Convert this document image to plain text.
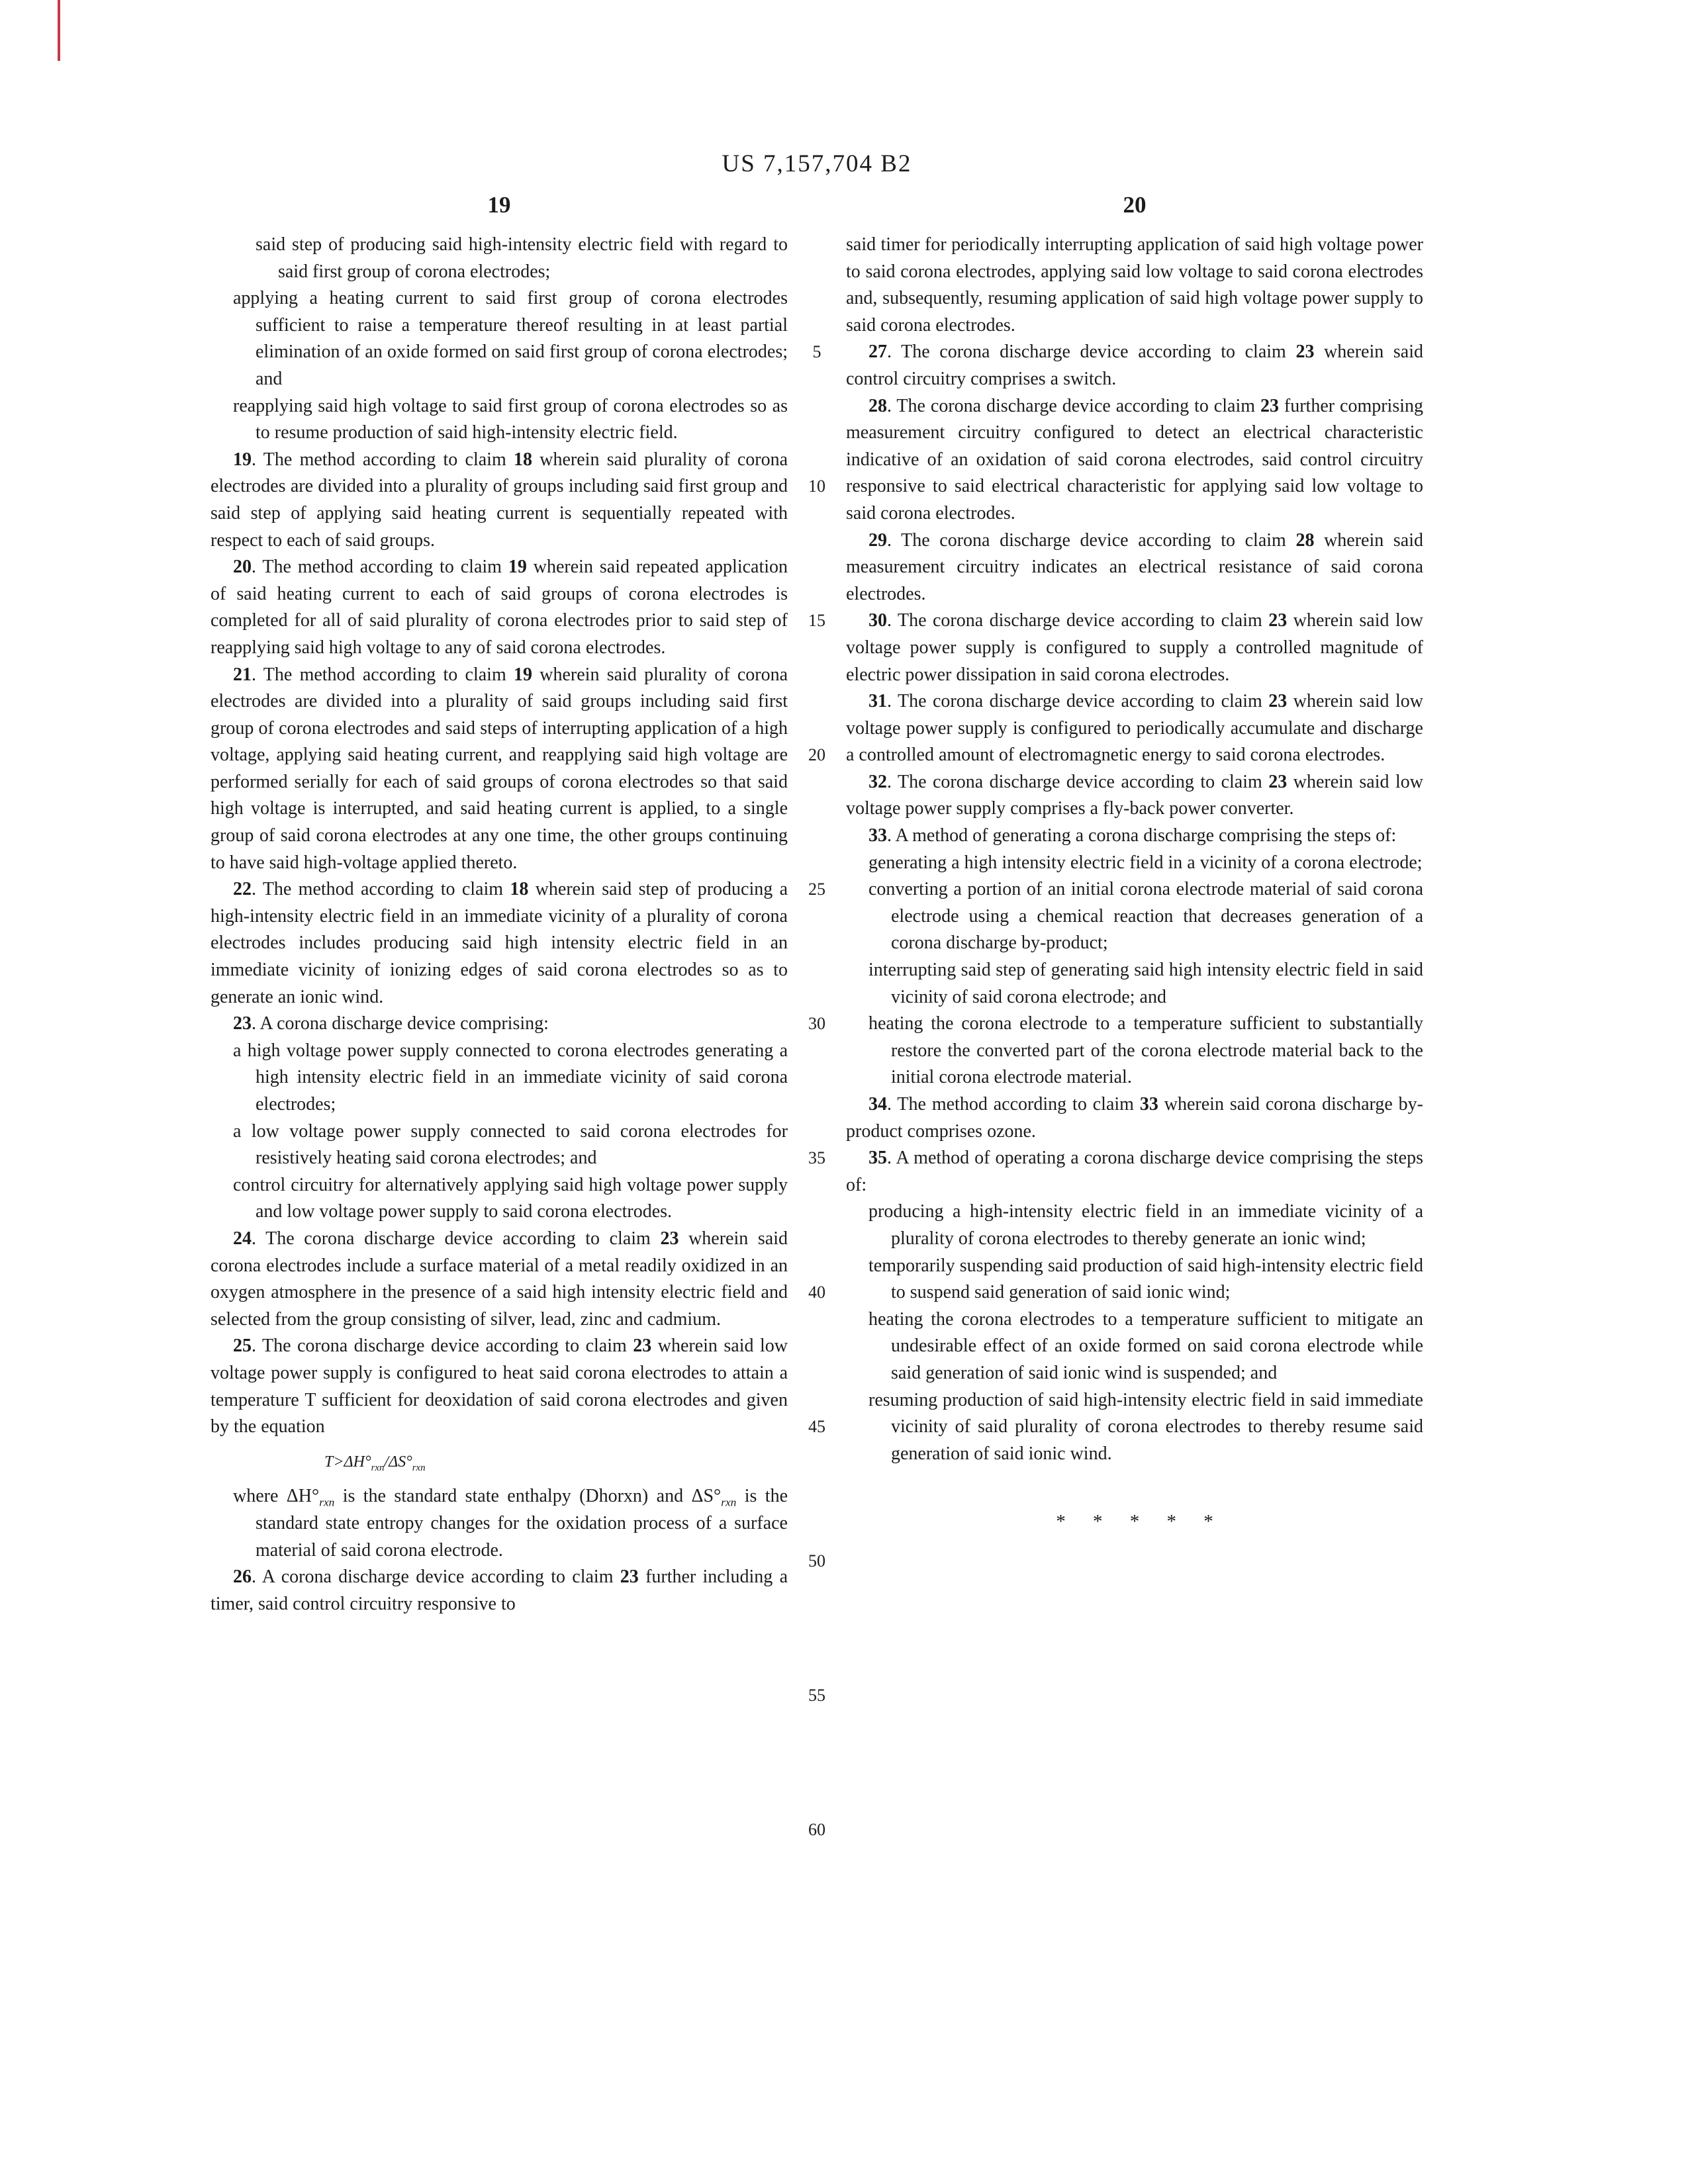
US 7,157,704 B2
19	20

said step of producing said high-intensity electric field with regard to said first group of corona electrodes;

applying a heating current to said first group of corona electrodes sufficient to raise a temperature thereof resulting in at least partial elimination of an oxide formed on said first group of corona electrodes; and

reapplying said high voltage to said first group of corona electrodes so as to resume production of said high-intensity electric field.

19. The method according to claim 18 wherein said plurality of corona electrodes are divided into a plurality of groups including said first group and said step of applying said heating current is sequentially repeated with respect to each of said groups.

20. The method according to claim 19 wherein said repeated application of said heating current to each of said groups of corona electrodes is completed for all of said plurality of corona electrodes prior to said step of reapplying said high voltage to any of said corona electrodes.

21. The method according to claim 19 wherein said plurality of corona electrodes are divided into a plurality of said groups including said first group of corona electrodes and said steps of interrupting application of a high voltage, applying said heating current, and reapplying said high voltage are performed serially for each of said groups of corona electrodes so that said high voltage is interrupted, and said heating current is applied, to a single group of said corona electrodes at any one time, the other groups continuing to have said high-voltage applied thereto.

22. The method according to claim 18 wherein said step of producing a high-intensity electric field in an immediate vicinity of a plurality of corona electrodes includes producing said high intensity electric field in an immediate vicinity of ionizing edges of said corona electrodes so as to generate an ionic wind.

23. A corona discharge device comprising:

a high voltage power supply connected to corona electrodes generating a high intensity electric field in an immediate vicinity of said corona electrodes;

a low voltage power supply connected to said corona electrodes for resistively heating said corona electrodes; and

control circuitry for alternatively applying said high voltage power supply and low voltage power supply to said corona electrodes.

24. The corona discharge device according to claim 23 wherein said corona electrodes include a surface material of a metal readily oxidized in an oxygen atmosphere in the presence of a said high intensity electric field and selected from the group consisting of silver, lead, zinc and cadmium.

25. The corona discharge device according to claim 23 wherein said low voltage power supply is configured to heat said corona electrodes to attain a temperature T sufficient for deoxidation of said corona electrodes and given by the equation

$T>\Delta H^\circ_{rxn}/\Delta S^\circ_{rxn}$

where $\Delta H^\circ_{rxn}$ is the standard state enthalpy (Dhorxn) and $\Delta S^\circ_{rxn}$ is the standard state entropy changes for the oxidation process of a surface material of said corona electrode.

26. A corona discharge device according to claim 23 further including a timer, said control circuitry responsive to

5
10
15
20
25
30
35
40
45
50
55
60

said timer for periodically interrupting application of said high voltage power to said corona electrodes, applying said low voltage to said corona electrodes and, subsequently, resuming application of said high voltage power supply to said corona electrodes.

27. The corona discharge device according to claim 23 wherein said control circuitry comprises a switch.

28. The corona discharge device according to claim 23 further comprising measurement circuitry configured to detect an electrical characteristic indicative of an oxidation of said corona electrodes, said control circuitry responsive to said electrical characteristic for applying said low voltage to said corona electrodes.

29. The corona discharge device according to claim 28 wherein said measurement circuitry indicates an electrical resistance of said corona electrodes.

30. The corona discharge device according to claim 23 wherein said low voltage power supply is configured to supply a controlled magnitude of electric power dissipation in said corona electrodes.

31. The corona discharge device according to claim 23 wherein said low voltage power supply is configured to periodically accumulate and discharge a controlled amount of electromagnetic energy to said corona electrodes.

32. The corona discharge device according to claim 23 wherein said low voltage power supply comprises a fly-back power converter.

33. A method of generating a corona discharge comprising the steps of:

generating a high intensity electric field in a vicinity of a corona electrode;

converting a portion of an initial corona electrode material of said corona electrode using a chemical reaction that decreases generation of a corona discharge by-product;

interrupting said step of generating said high intensity electric field in said vicinity of said corona electrode; and

heating the corona electrode to a temperature sufficient to substantially restore the converted part of the corona electrode material back to the initial corona electrode material.

34. The method according to claim 33 wherein said corona discharge by-product comprises ozone.

35. A method of operating a corona discharge device comprising the steps of:

producing a high-intensity electric field in an immediate vicinity of a plurality of corona electrodes to thereby generate an ionic wind;

temporarily suspending said production of said high-intensity electric field to suspend said generation of said ionic wind;

heating the corona electrodes to a temperature sufficient to mitigate an undesirable effect of an oxide formed on said corona electrode while said generation of said ionic wind is suspended; and

resuming production of said high-intensity electric field in said immediate vicinity of said plurality of corona electrodes to thereby resume said generation of said ionic wind.

* * * * *
